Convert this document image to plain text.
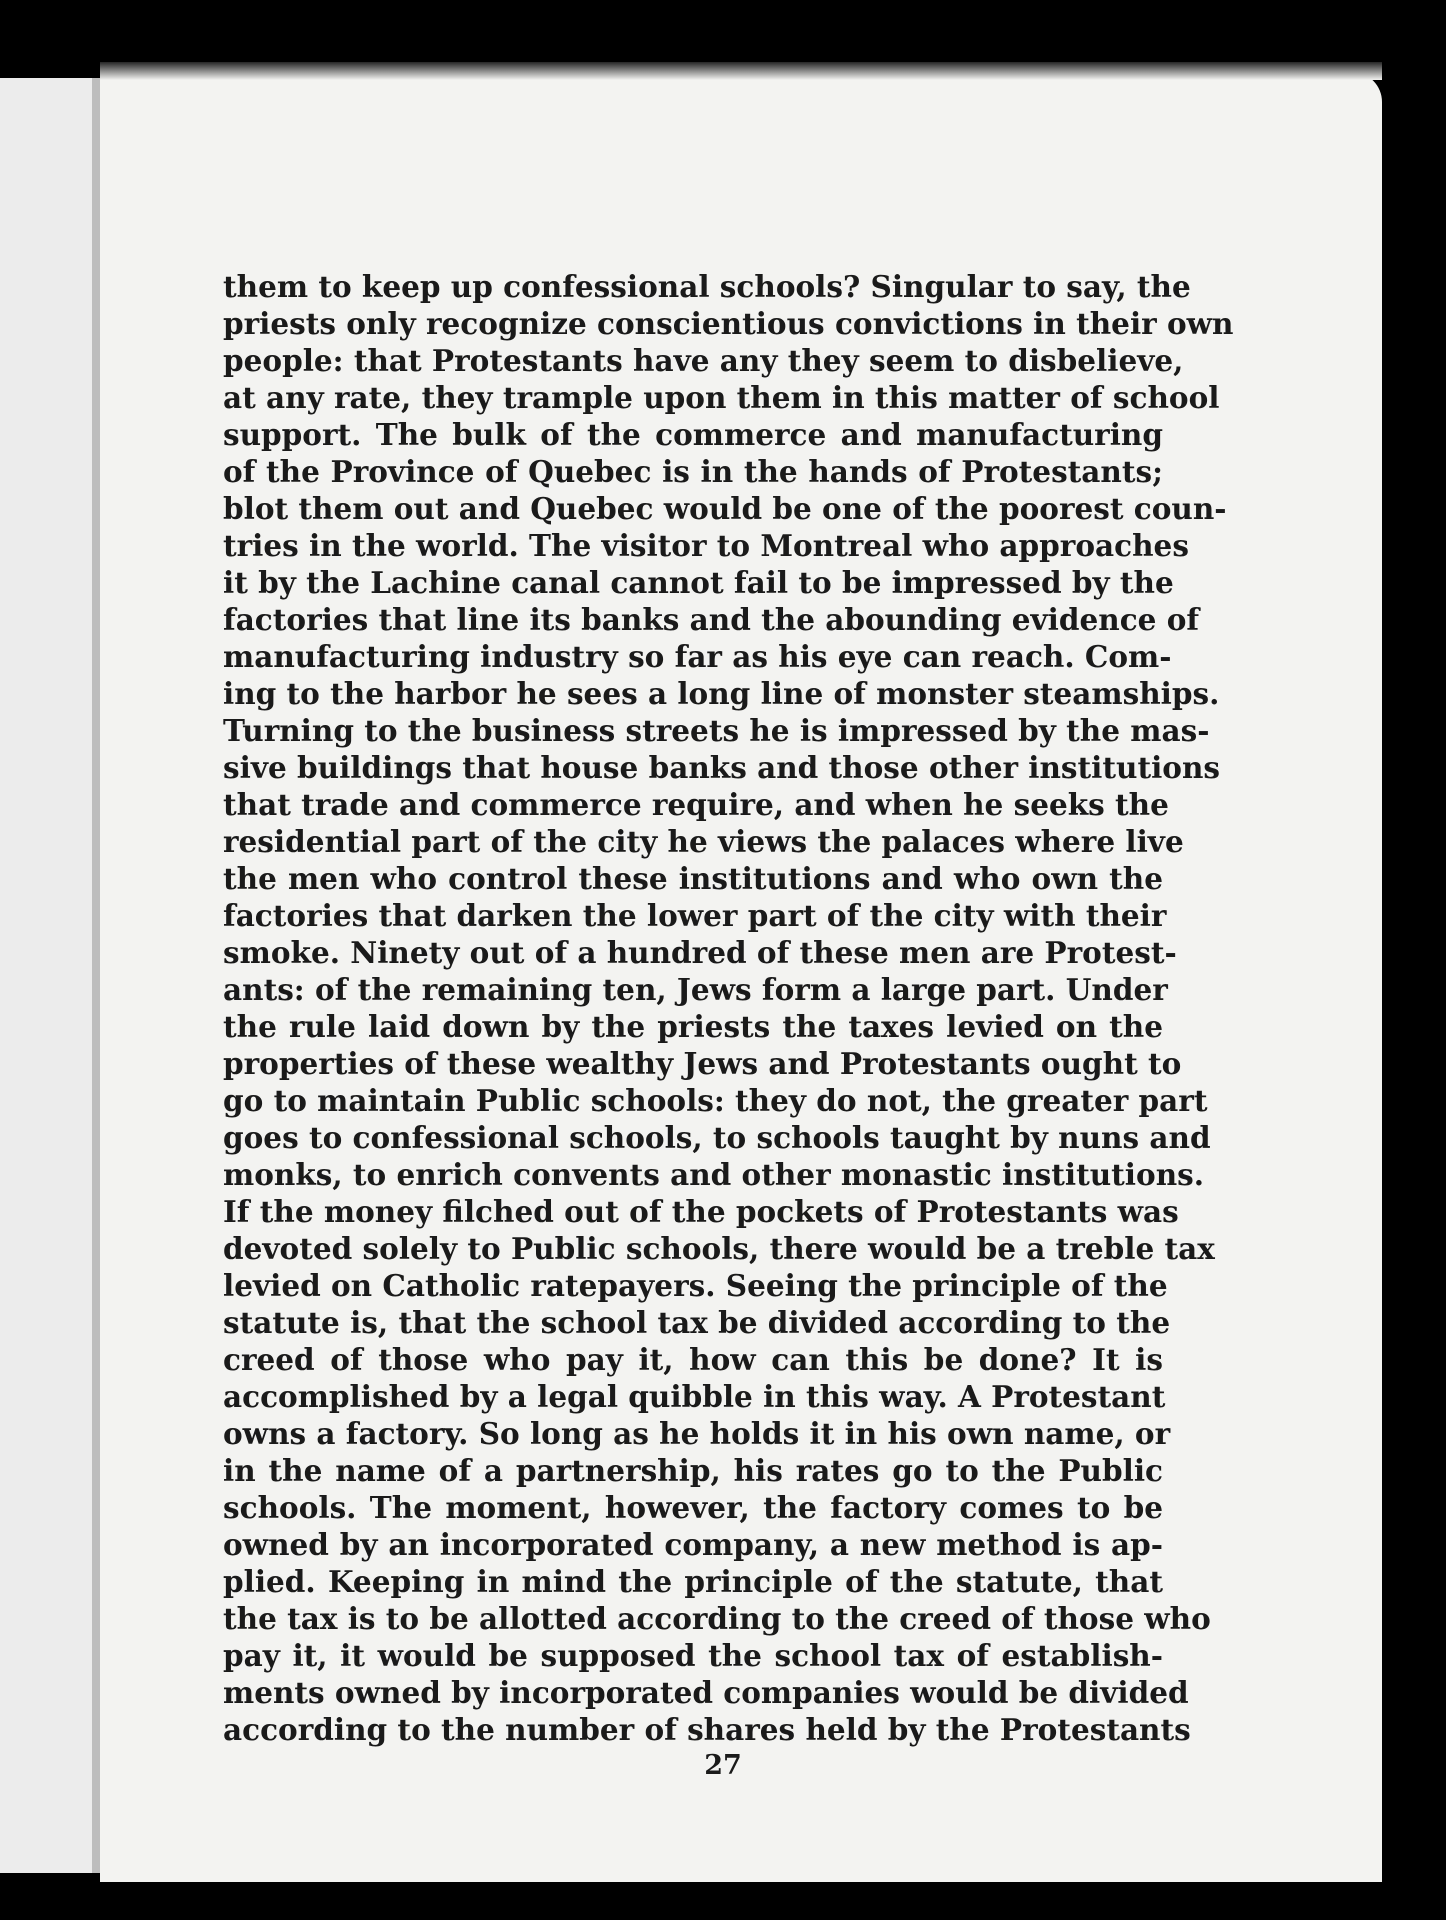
them to keep up confessional schools? Singular to say, the
priests only recognize conscientious convictions in their own
people: that Protestants have any they seem to disbelieve,
at any rate, they trample upon them in this matter of school
support. The bulk of the commerce and manufacturing
of the Province of Quebec is in the hands of Protestants;
blot them out and Quebec would be one of the poorest coun-
tries in the world. The visitor to Montreal who approaches
it by the Lachine canal cannot fail to be impressed by the
factories that line its banks and the abounding evidence of
manufacturing industry so far as his eye can reach. Com-
ing to the harbor he sees a long line of monster steamships.
Turning to the business streets he is impressed by the mas-
sive buildings that house banks and those other institutions
that trade and commerce require, and when he seeks the
residential part of the city he views the palaces where live
the men who control these institutions and who own the
factories that darken the lower part of the city with their
smoke. Ninety out of a hundred of these men are Protest-
ants: of the remaining ten, Jews form a large part. Under
the rule laid down by the priests the taxes levied on the
properties of these wealthy Jews and Protestants ought to
go to maintain Public schools: they do not, the greater part
goes to confessional schools, to schools taught by nuns and
monks, to enrich convents and other monastic institutions.
If the money filched out of the pockets of Protestants was
devoted solely to Public schools, there would be a treble tax
levied on Catholic ratepayers. Seeing the principle of the
statute is, that the school tax be divided according to the
creed of those who pay it, how can this be done? It is
accomplished by a legal quibble in this way. A Protestant
owns a factory. So long as he holds it in his own name, or
in the name of a partnership, his rates go to the Public
schools. The moment, however, the factory comes to be
owned by an incorporated company, a new method is ap-
plied. Keeping in mind the principle of the statute, that
the tax is to be allotted according to the creed of those who
pay it, it would be supposed the school tax of establish-
ments owned by incorporated companies would be divided
according to the number of shares held by the Protestants
27
